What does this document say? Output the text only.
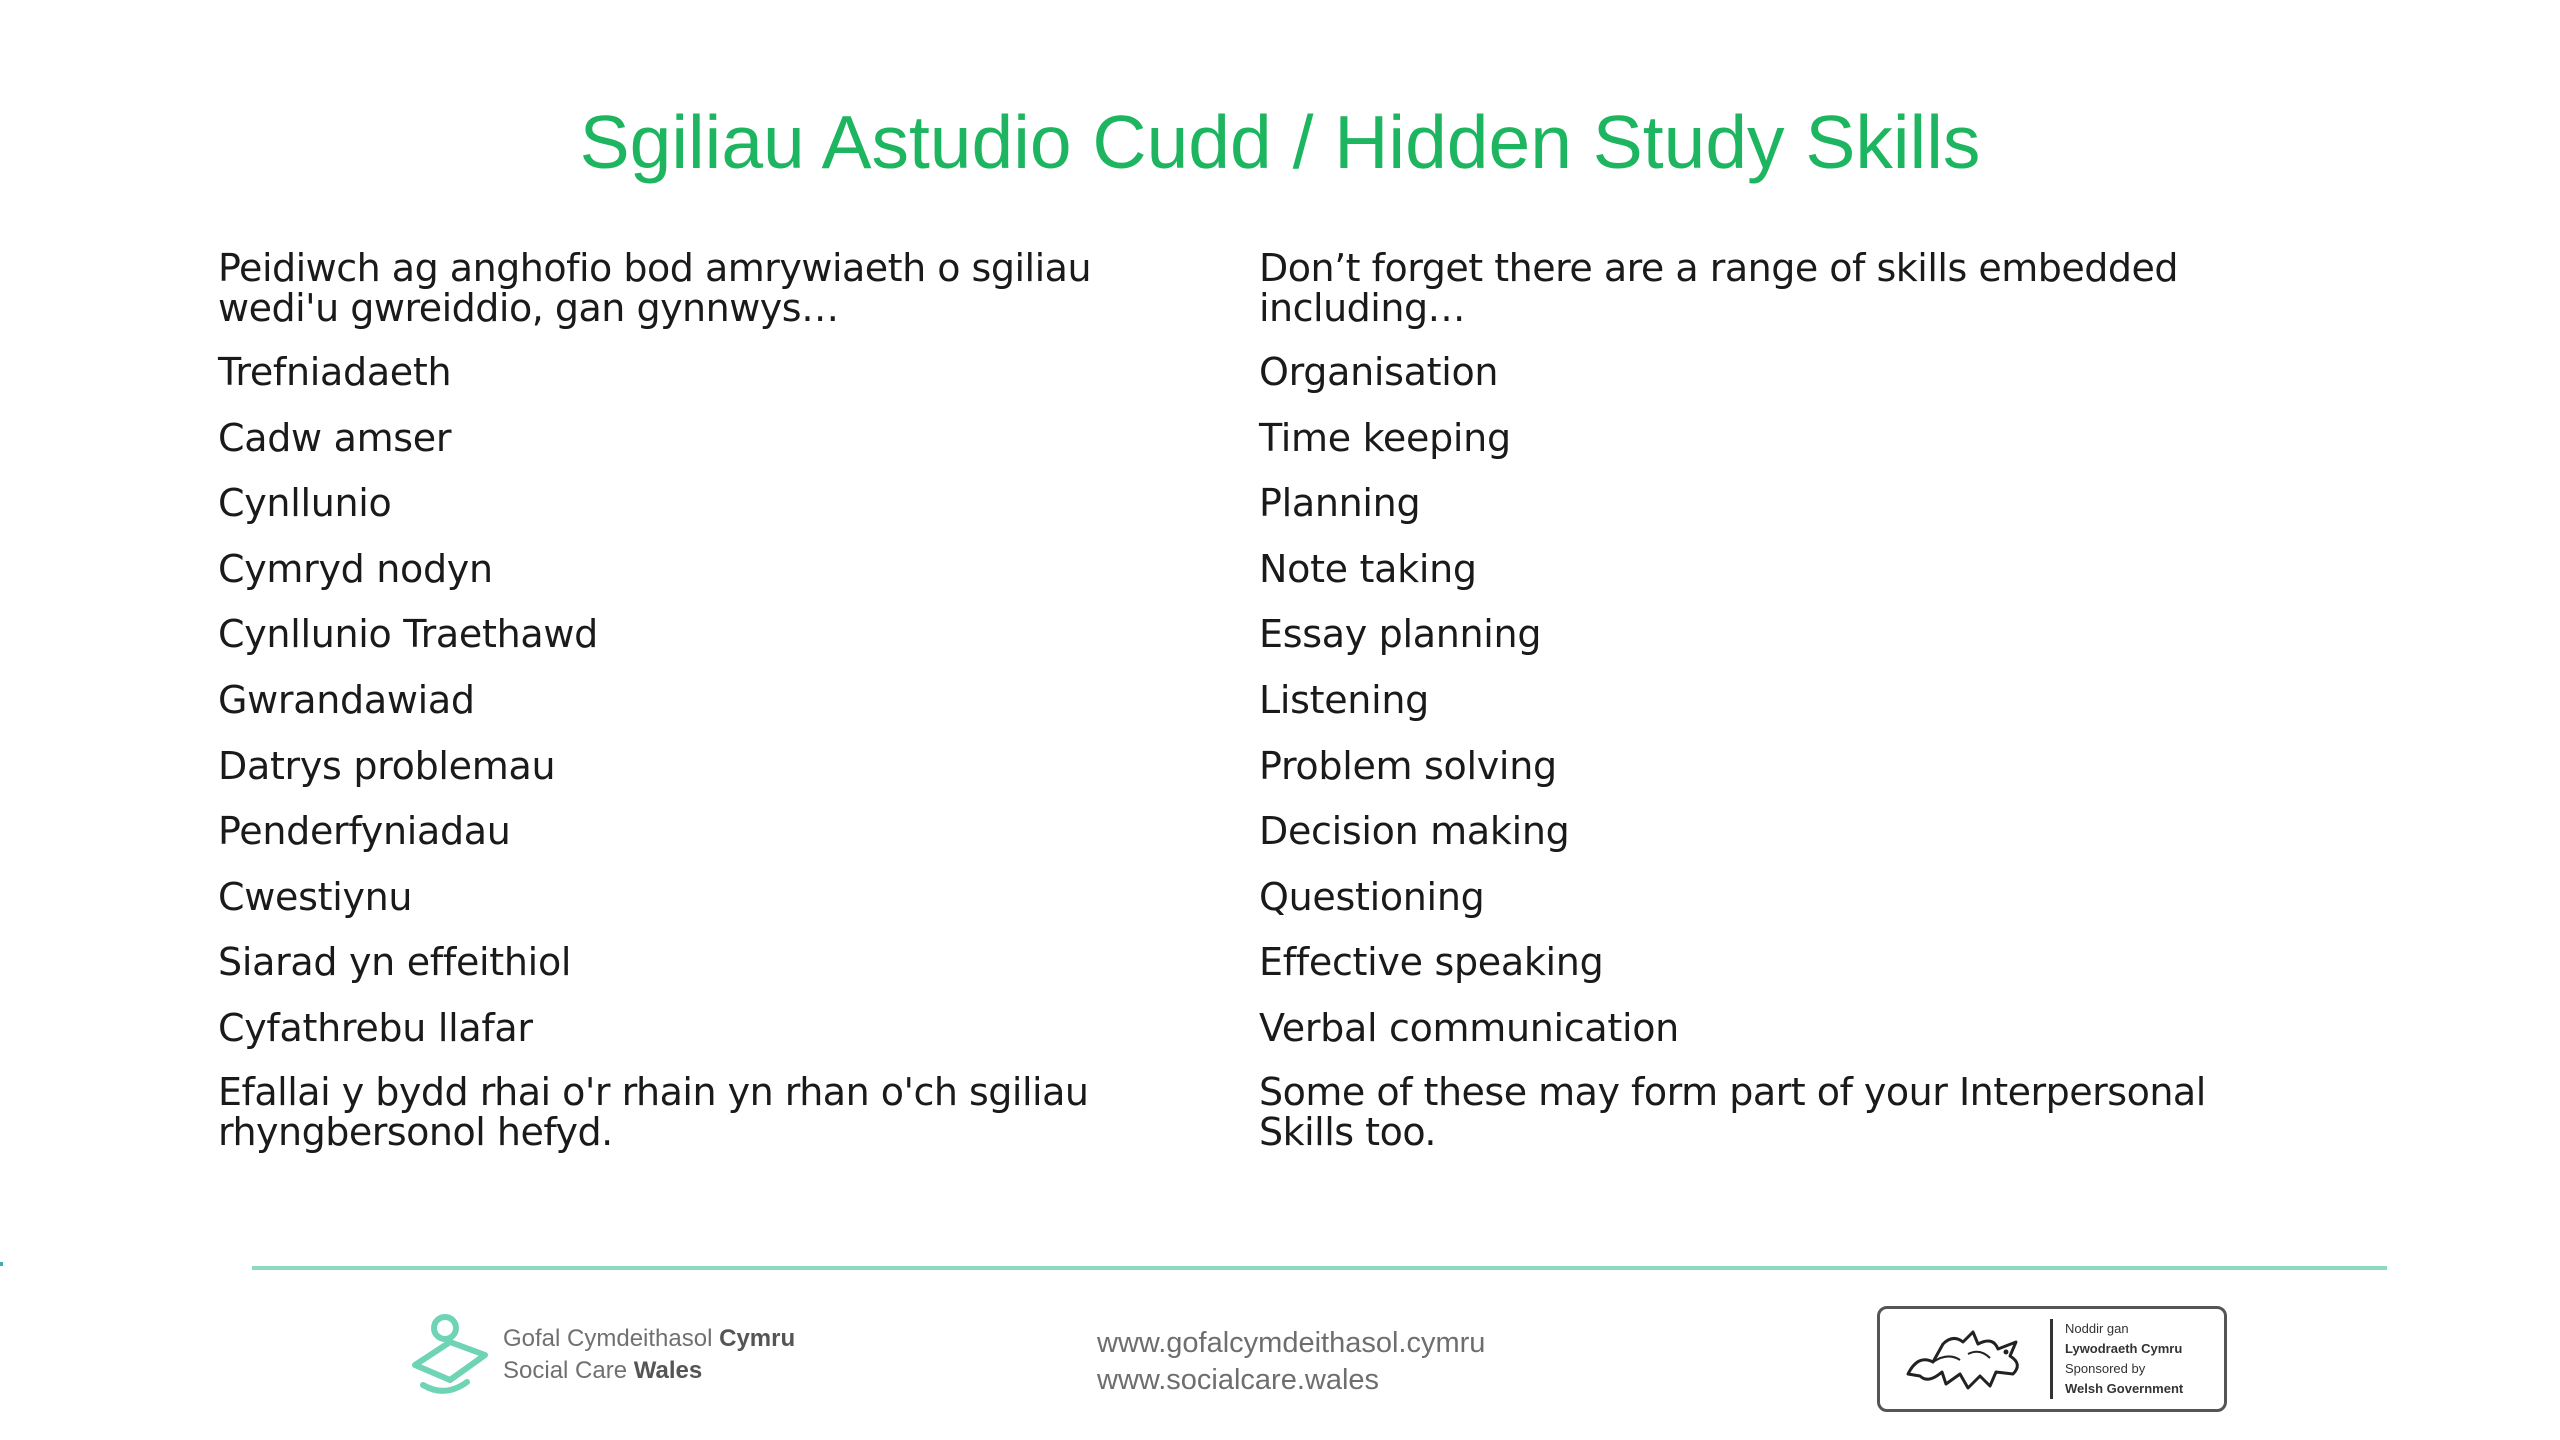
Sgiliau Astudio Cudd / Hidden Study Skills

Peidiwch ag anghofio bod amrywiaeth o sgiliau wedi'u gwreiddio, gan gynnwys…

Trefniadaeth
Cadw amser
Cynllunio
Cymryd nodyn
Cynllunio Traethawd
Gwrandawiad
Datrys problemau
Penderfyniadau
Cwestiynu
Siarad yn effeithiol
Cyfathrebu llafar

Efallai y bydd rhai o'r rhain yn rhan o'ch sgiliau rhyngbersonol hefyd.

Don’t forget there are a range of skills embedded including…

Organisation
Time keeping
Planning
Note taking
Essay planning
Listening
Problem solving
Decision making
Questioning
Effective speaking
Verbal communication

Some of these may form part of your Interpersonal Skills too.

Gofal Cymdeithasol Cymru
Social Care Wales
www.gofalcymdeithasol.cymru
www.socialcare.wales
Noddir gan
Lywodraeth Cymru
Sponsored by
Welsh Government
